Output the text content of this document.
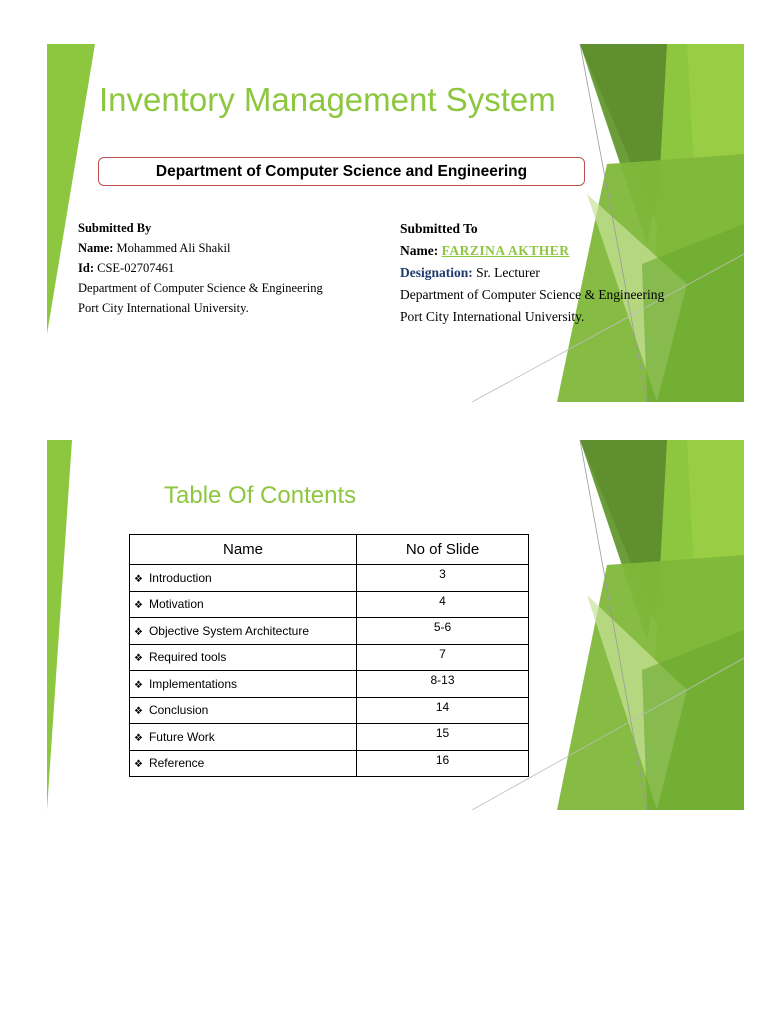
Inventory Management System
Department of Computer Science and Engineering
Submitted By
Name: Mohammed Ali Shakil
Id: CSE-02707461
Department of Computer Science & Engineering
Port City International University.
Submitted To
Name: FARZINA AKTHER
Designation: Sr. Lecturer
Department of Computer Science & Engineering
Port City International University.
Table Of Contents
Name	No of Slide
❖ Introduction	3
❖ Motivation	4
❖ Objective System Architecture	5-6
❖ Required tools	7
❖ Implementations	8-13
❖ Conclusion	14
❖ Future Work	15
❖ Reference	16
